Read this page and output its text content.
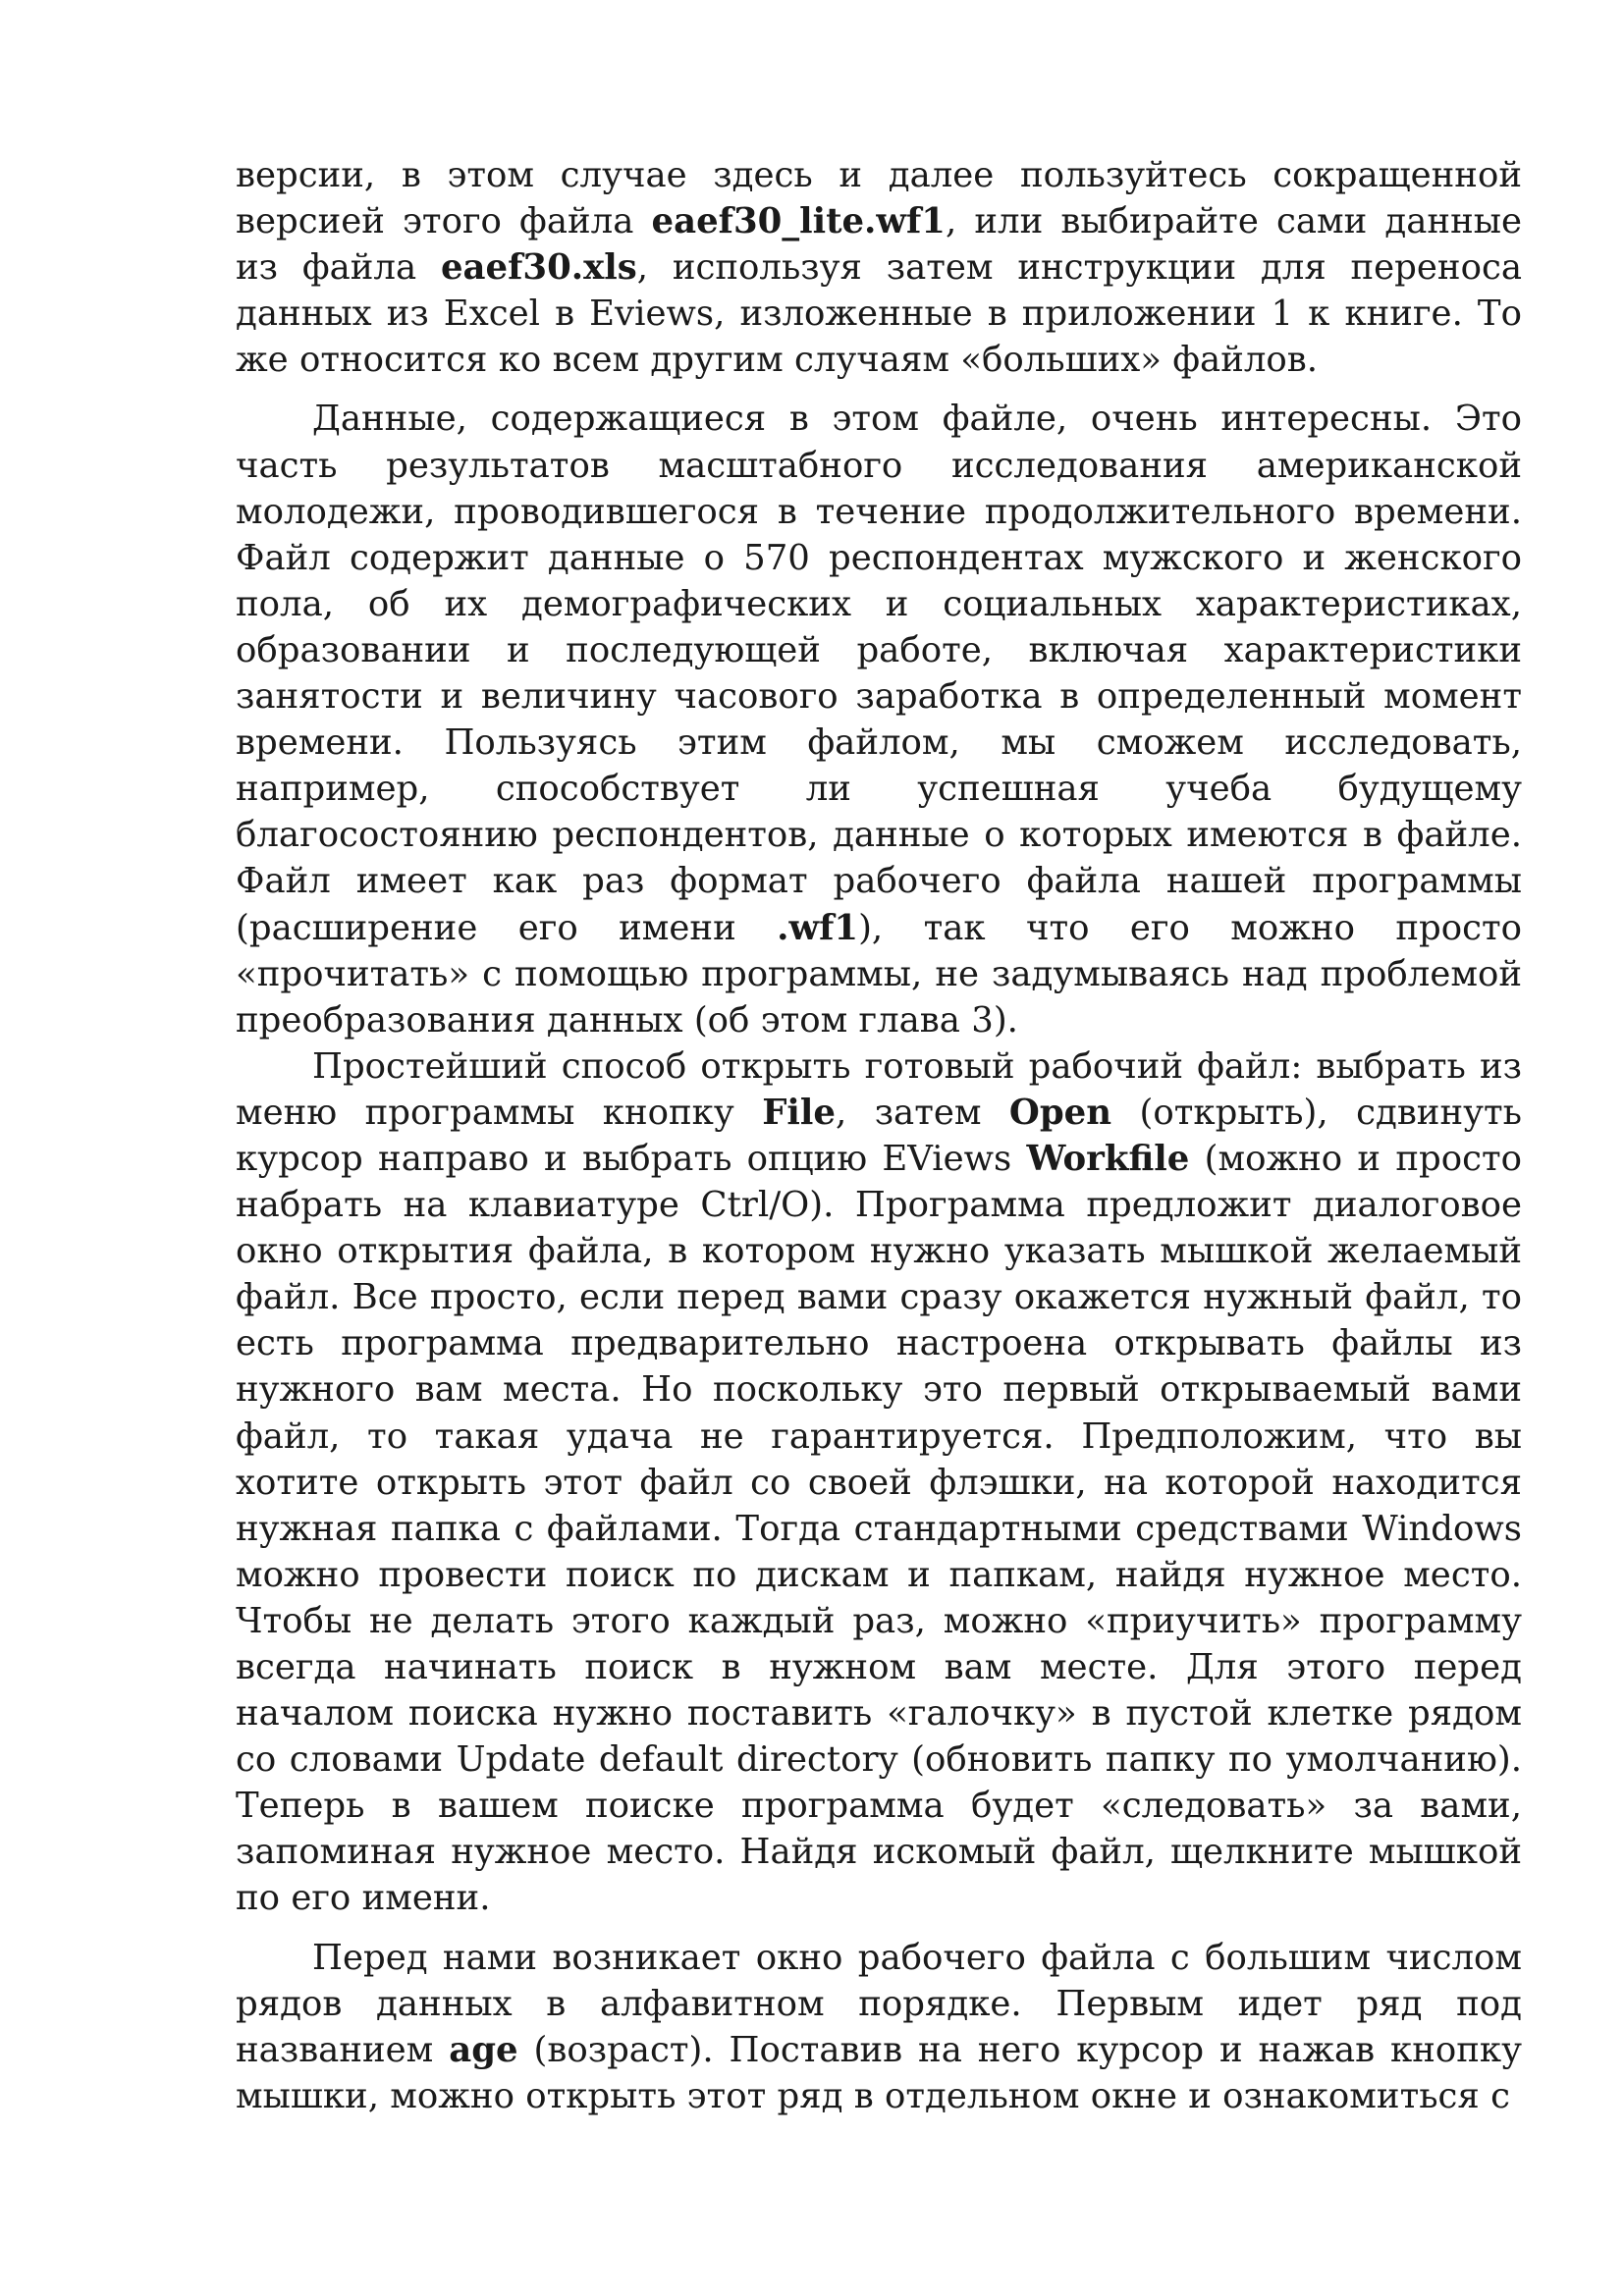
версии, в этом случае здесь и далее пользуйтесь сокращенной версией этого файла eaef30_lite.wf1, или выбирайте сами данные из файла eaef30.xls, используя затем инструкции для переноса данных из Excel в Eviews, изложенные в приложении 1 к книге. То же относится ко всем другим случаям «больших» файлов.

Данные, содержащиеся в этом файле, очень интересны. Это часть результатов масштабного исследования американской молодежи, проводившегося в течение продолжительного времени. Файл содержит данные о 570 респондентах мужского и женского пола, об их демографических и социальных характеристиках, образовании и последующей работе, включая характеристики занятости и величину часового заработка в определенный момент времени. Пользуясь этим файлом, мы сможем исследовать, например, способствует ли успешная учеба будущему благосостоянию респондентов, данные о которых имеются в файле. Файл имеет как раз формат рабочего файла нашей программы (расширение его имени .wf1), так что его можно просто «прочитать» с помощью программы, не задумываясь над проблемой преобразования данных (об этом глава 3).

Простейший способ открыть готовый рабочий файл: выбрать из меню программы кнопку File, затем Open (открыть), сдвинуть курсор направо и выбрать опцию EViews Workfile (можно и просто набрать на клавиатуре Ctrl/O). Программа предложит диалоговое окно открытия файла, в котором нужно указать мышкой желаемый файл. Все просто, если перед вами сразу окажется нужный файл, то есть программа предварительно настроена открывать файлы из нужного вам места. Но поскольку это первый открываемый вами файл, то такая удача не гарантируется. Предположим, что вы хотите открыть этот файл со своей флэшки, на которой находится нужная папка с файлами. Тогда стандартными средствами Windows можно провести поиск по дискам и папкам, найдя нужное место. Чтобы не делать этого каждый раз, можно «приучить» программу всегда начинать поиск в нужном вам месте. Для этого перед началом поиска нужно поставить «галочку» в пустой клетке рядом со словами Update default directory (обновить папку по умолчанию). Теперь в вашем поиске программа будет «следовать» за вами, запоминая нужное место. Найдя искомый файл, щелкните мышкой по его имени.

Перед нами возникает окно рабочего файла с большим числом рядов данных в алфавитном порядке. Первым идет ряд под названием age (возраст). Поставив на него курсор и нажав кнопку мышки, можно открыть этот ряд в отдельном окне и ознакомиться с
